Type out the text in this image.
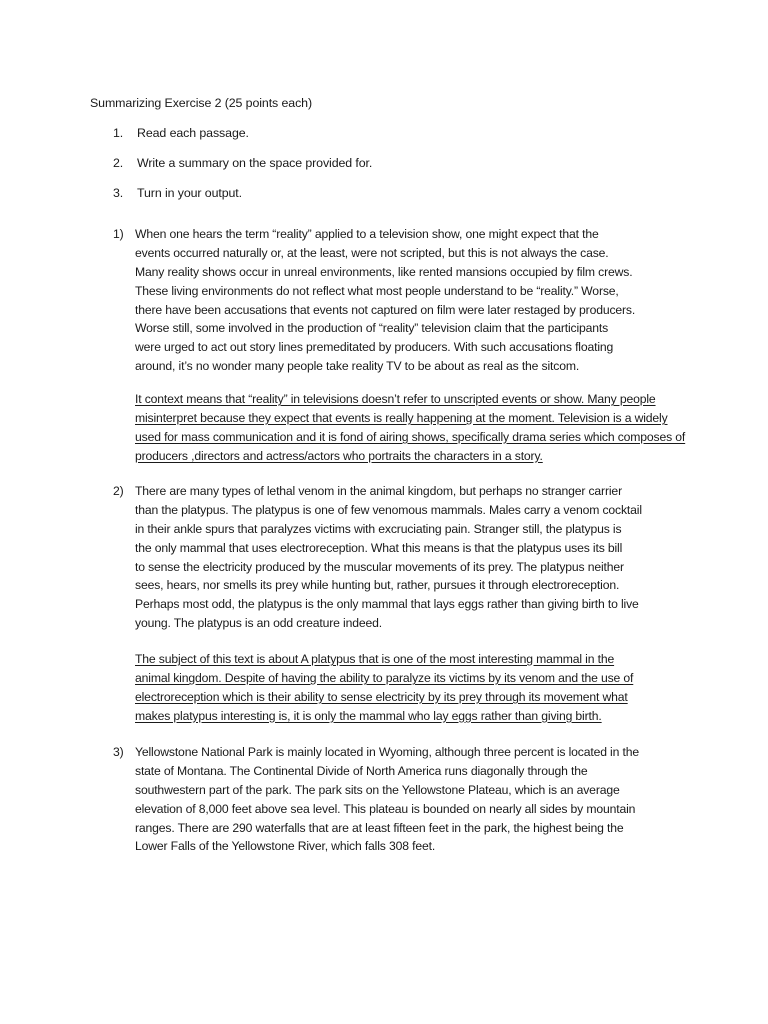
Summarizing Exercise 2 (25 points each)
1. Read each passage.
2. Write a summary on the space provided for.
3. Turn in your output.
1) When one hears the term “reality” applied to a television show, one might expect that the
events occurred naturally or, at the least, were not scripted, but this is not always the case.
Many reality shows occur in unreal environments, like rented mansions occupied by film crews.
These living environments do not reflect what most people understand to be “reality.” Worse,
there have been accusations that events not captured on film were later restaged by producers.
Worse still, some involved in the production of “reality” television claim that the participants
were urged to act out story lines premeditated by producers. With such accusations floating
around, it’s no wonder many people take reality TV to be about as real as the sitcom.
It context means that “reality” in televisions doesn’t refer to unscripted events or show. Many people
misinterpret because they expect that events is really happening at the moment. Television is a widely
used for mass communication and it is fond of airing shows, specifically drama series which composes of
producers ,directors and actress/actors who portraits the characters in a story.
2) There are many types of lethal venom in the animal kingdom, but perhaps no stranger carrier
than the platypus. The platypus is one of few venomous mammals. Males carry a venom cocktail
in their ankle spurs that paralyzes victims with excruciating pain. Stranger still, the platypus is
the only mammal that uses electroreception. What this means is that the platypus uses its bill
to sense the electricity produced by the muscular movements of its prey. The platypus neither
sees, hears, nor smells its prey while hunting but, rather, pursues it through electroreception.
Perhaps most odd, the platypus is the only mammal that lays eggs rather than giving birth to live
young. The platypus is an odd creature indeed.
The subject of this text is about A platypus that is one of the most interesting mammal in the
animal kingdom. Despite of having the ability to paralyze its victims by its venom and the use of
electroreception which is their ability to sense electricity by its prey through its movement what
makes platypus interesting is, it is only the mammal who lay eggs rather than giving birth.
3) Yellowstone National Park is mainly located in Wyoming, although three percent is located in the
state of Montana. The Continental Divide of North America runs diagonally through the
southwestern part of the park. The park sits on the Yellowstone Plateau, which is an average
elevation of 8,000 feet above sea level. This plateau is bounded on nearly all sides by mountain
ranges. There are 290 waterfalls that are at least fifteen feet in the park, the highest being the
Lower Falls of the Yellowstone River, which falls 308 feet.
